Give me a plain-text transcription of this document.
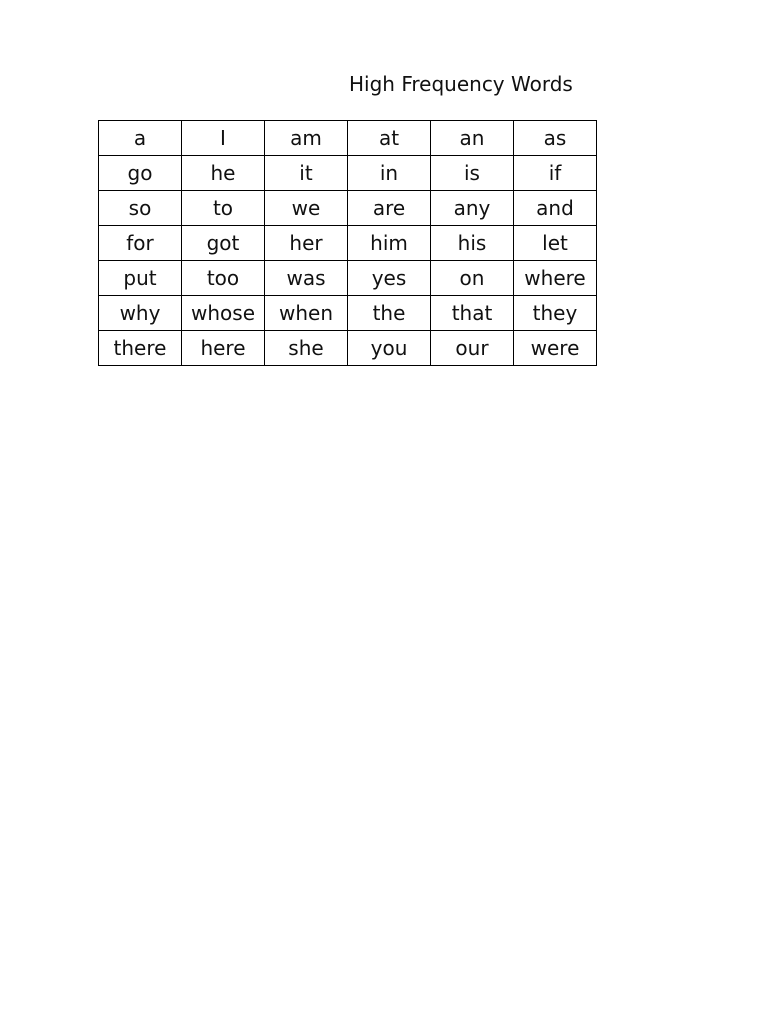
High Frequency Words
a	I	am	at	an	as
go	he	it	in	is	if
so	to	we	are	any	and
for	got	her	him	his	let
put	too	was	yes	on	where
why	whose	when	the	that	they
there	here	she	you	our	were
